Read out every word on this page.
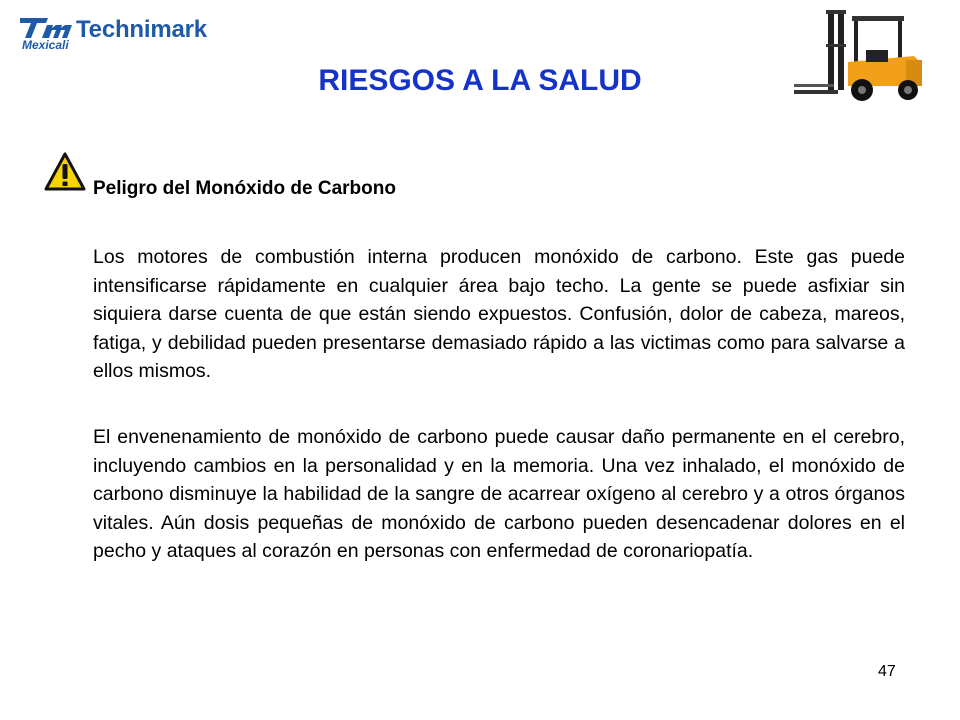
Technimark
Mexicali
RIESGOS A LA SALUD
Peligro del Monóxido de Carbono

Los motores de combustión interna producen monóxido de carbono. Este gas puede intensificarse rápidamente en cualquier área bajo techo. La gente se puede asfixiar sin siquiera darse cuenta de que están siendo expuestos. Confusión, dolor de cabeza, mareos, fatiga, y debilidad pueden presentarse demasiado rápido a las victimas como para salvarse a ellos mismos.

El envenenamiento de monóxido de carbono puede causar daño permanente en el cerebro, incluyendo cambios en la personalidad y en la memoria. Una vez inhalado, el monóxido de carbono disminuye la habilidad de la sangre de acarrear oxígeno al cerebro y a otros órganos vitales. Aún dosis pequeñas de monóxido de carbono pueden desencadenar dolores en el pecho y ataques al corazón en personas con enfermedad de coronariopatía.

47
